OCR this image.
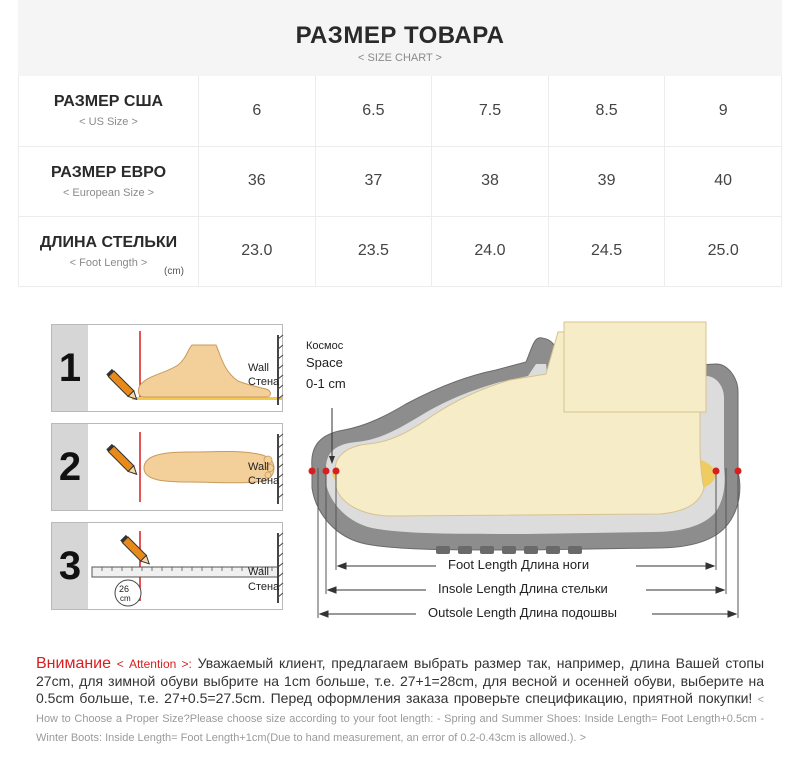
РАЗМЕР ТОВАРА
< SIZE CHART >
РАЗМЕР США
< US Size >	6	6.5	7.5	8.5	9

РАЗМЕР ЕВРО
< European Size >	36	37	38	39	40

ДЛИНА СТЕЛЬКИ
< Foot Length >
(cm)	23.0	23.5	24.0	24.5	25.0
1	Wall
Стена
2	Wall
Стена
3
26
cm
Wall
Стена
Космос
Space
0-1 cm
Foot Length Длина ноги
Insole Length Длина стельки
Outsole Length Длина подошвы
Внимание < Attention >: Уважаемый клиент, предлагаем выбрать размер так, например, длина Вашей стопы 27cm, для зимной обуви выбрите на 1cm больше, т.е. 27+1=28cm, для весной и осенней обуви, выберите на 0.5cm больше, т.е. 27+0.5=27.5cm. Перед оформления заказа проверьте спецификацию, приятной покупки! < How to Choose a Proper Size?Please choose size according to your foot length: - Spring and Summer Shoes: Inside Length= Foot Length+0.5cm - Winter Boots: Inside Length= Foot Length+1cm(Due to hand measurement, an error of 0.2-0.43cm is allowed.). >
